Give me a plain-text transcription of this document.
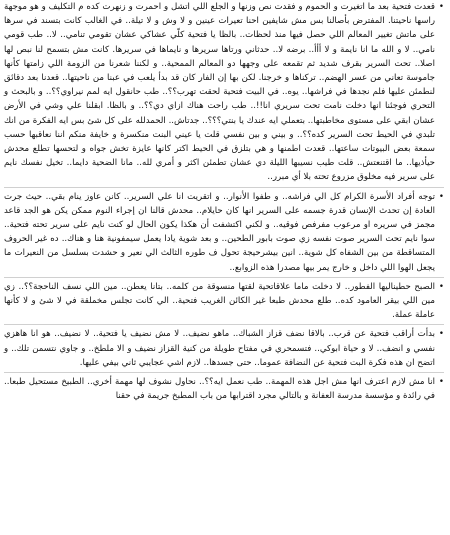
•
قعدت فتحية بعد ما اتغيرت و الحموم و فقدت نص وزنها و الجلع اللي اتشل و احمرت و زنهرت كده م التكليف و هو موجهة راسها ناحيتنا. المفترض بأصالنا بس مش شايفين احنا تعيرات عينين و لا وش و لا تيلة.. في الغالب كانت بتسند في سرها على ماتش تغيير المعالم اللي حصل فيها منذ لحظات.. بالظا يا فتحية كلّي عشاكي عشان تقومي تنامي.. لا.. طب قومي نامي.. لا و الله ما انا نايمة و لا أأأ.. برضه لا.. حدثاني ورتاها سريرها و نايماها في سريرها. كانت مش بتسمح لنا نبص لها اصلا.. تحت السرير بقرف شديد ثم تقمعه على وجهها دو المعالم الممحية.. و لكننا شعرنا من الزومة اللي زامتها كأنها جاموسة تعاني من عسر الهضم.. تركناها و خرجنا. لكن بها إن الفار كان قد بدأ يلعب في عبنا من ناحيتها.. قعدنا بعد دقائق لنطمئن عليها فلم نجدها في فراشها.. يوه.. في البيت فتحية لحقت تهرب؟؟.. طب حانقول ايه لمم نيراوي؟؟.. و بالبحث و التحري فوجئنا انها دخلت نامت تحت سريري انا!!.. طب راحت هناك ازاي دي؟؟.. و بالظا. ابقلنا علي وشي في الأرض عشان ابقي على مستوى مخاطبتها.. بتعملي ايه عندك يا بنتي؟؟؟.. جدتاش.. الحمدلله على كل شئ بس ايه الفكرة من انك تلبدي في الحيط تحت السرير كده؟؟.. و بيني و بين نفسي قلت يا عيني البنت منكسرة و خايفة منكم اننا نعاقبها حسب سمعة بعض البيوتات ساعتها.. قعدت اطمنها و هي بتلزق في الحيط اكتر كانها عايزة تخش جواه و لتحسها تطلع محدش حيأذيها.. ما اقتنعتش.. قلت طيب نسيبها الليلة دي عشان تطمئن اكثر و أمري لله.. مانا الضحية دايما.. تخيل نفسك نايم على سرير فيه مخلوق مزروع تحته بلا أي مبرر..
•
توجه أفراد الأسرة الكرام كل الي فراشه.. و طفوا الأنوار.. و اتقريت انا علي السرير.. كانن عاوز ينام بقي.. حيث جرت العادة إن تحدث الإنسان قدرة جسمه على السرير انها كان حايلام.. محدش قالنا ان إجراء النوم ممكن يكن هو الجد قاعد مجمز في سريره او مرعوب مفرفص فوقيه.. و لكني اكتشفت أن هكذا يكون الحال لو كنت نايم على سرير تحته فتحية.. سوا نايم تحت السرير صوت نفسه زي صوت بابور الطحين.. و بعد شوية يادا يعمل سيمفونية هنا و هناك.. ده غير الحروف المتساقطة من بين الشفاه كل شوية.. انين بيشرحيجة تحول ف طوره الثالث الي نعير و حشدت بسلسل من النعيرات ما يجعل الهوا اللي داخل و خارج يمر بيها مصدرا هذه الزوابع..
•
الصبح حطيناليها الفطور.. لا دخلت ماما علاقاتحية لقتها منسوقة من كلمه.. بتانا يعطن.. مين اللي نسف الناحجة؟؟.. زي مين اللي بيقر العامود كده.. طلع محدش طبعا غير الكائن الغريب فتحية.. الي كانت تجلس مخملقة في لا شئ و لا كأنها عاملة عملة.
•
بدأت أراقب فتحية عن قرب.. بالاقا نضف قزاز الشباك.. ماهو نضيف.. لا مش نضيف يا فتحية.. لا نضيف.. هو انا هاهزي نفسي و انضف.. لا و حياة ابوكي.. فتسمحري في مفتاح طويلة من كنية القزاز نضيف و الا ملطخ.. و جاوي نتسمن تلك.. و اتضح ان هذه فكرة البت فتحية عن النضافة عموما.. حتى جسدها.. لازم اشي عجايبي ثاني بيفي عليها.
•
انا مش لازم اعترف انها مش اجل هذه المهمة.. طب نعمل ايه؟؟.. نحاول نشوف لها مهمة أخري.. الطبيخ مستحيل طبعا.. في رائدة و مؤسسة مدرسة العفانة و بالتالي مجرد اقترابها من باب المطبخ جريمة في حقنا
